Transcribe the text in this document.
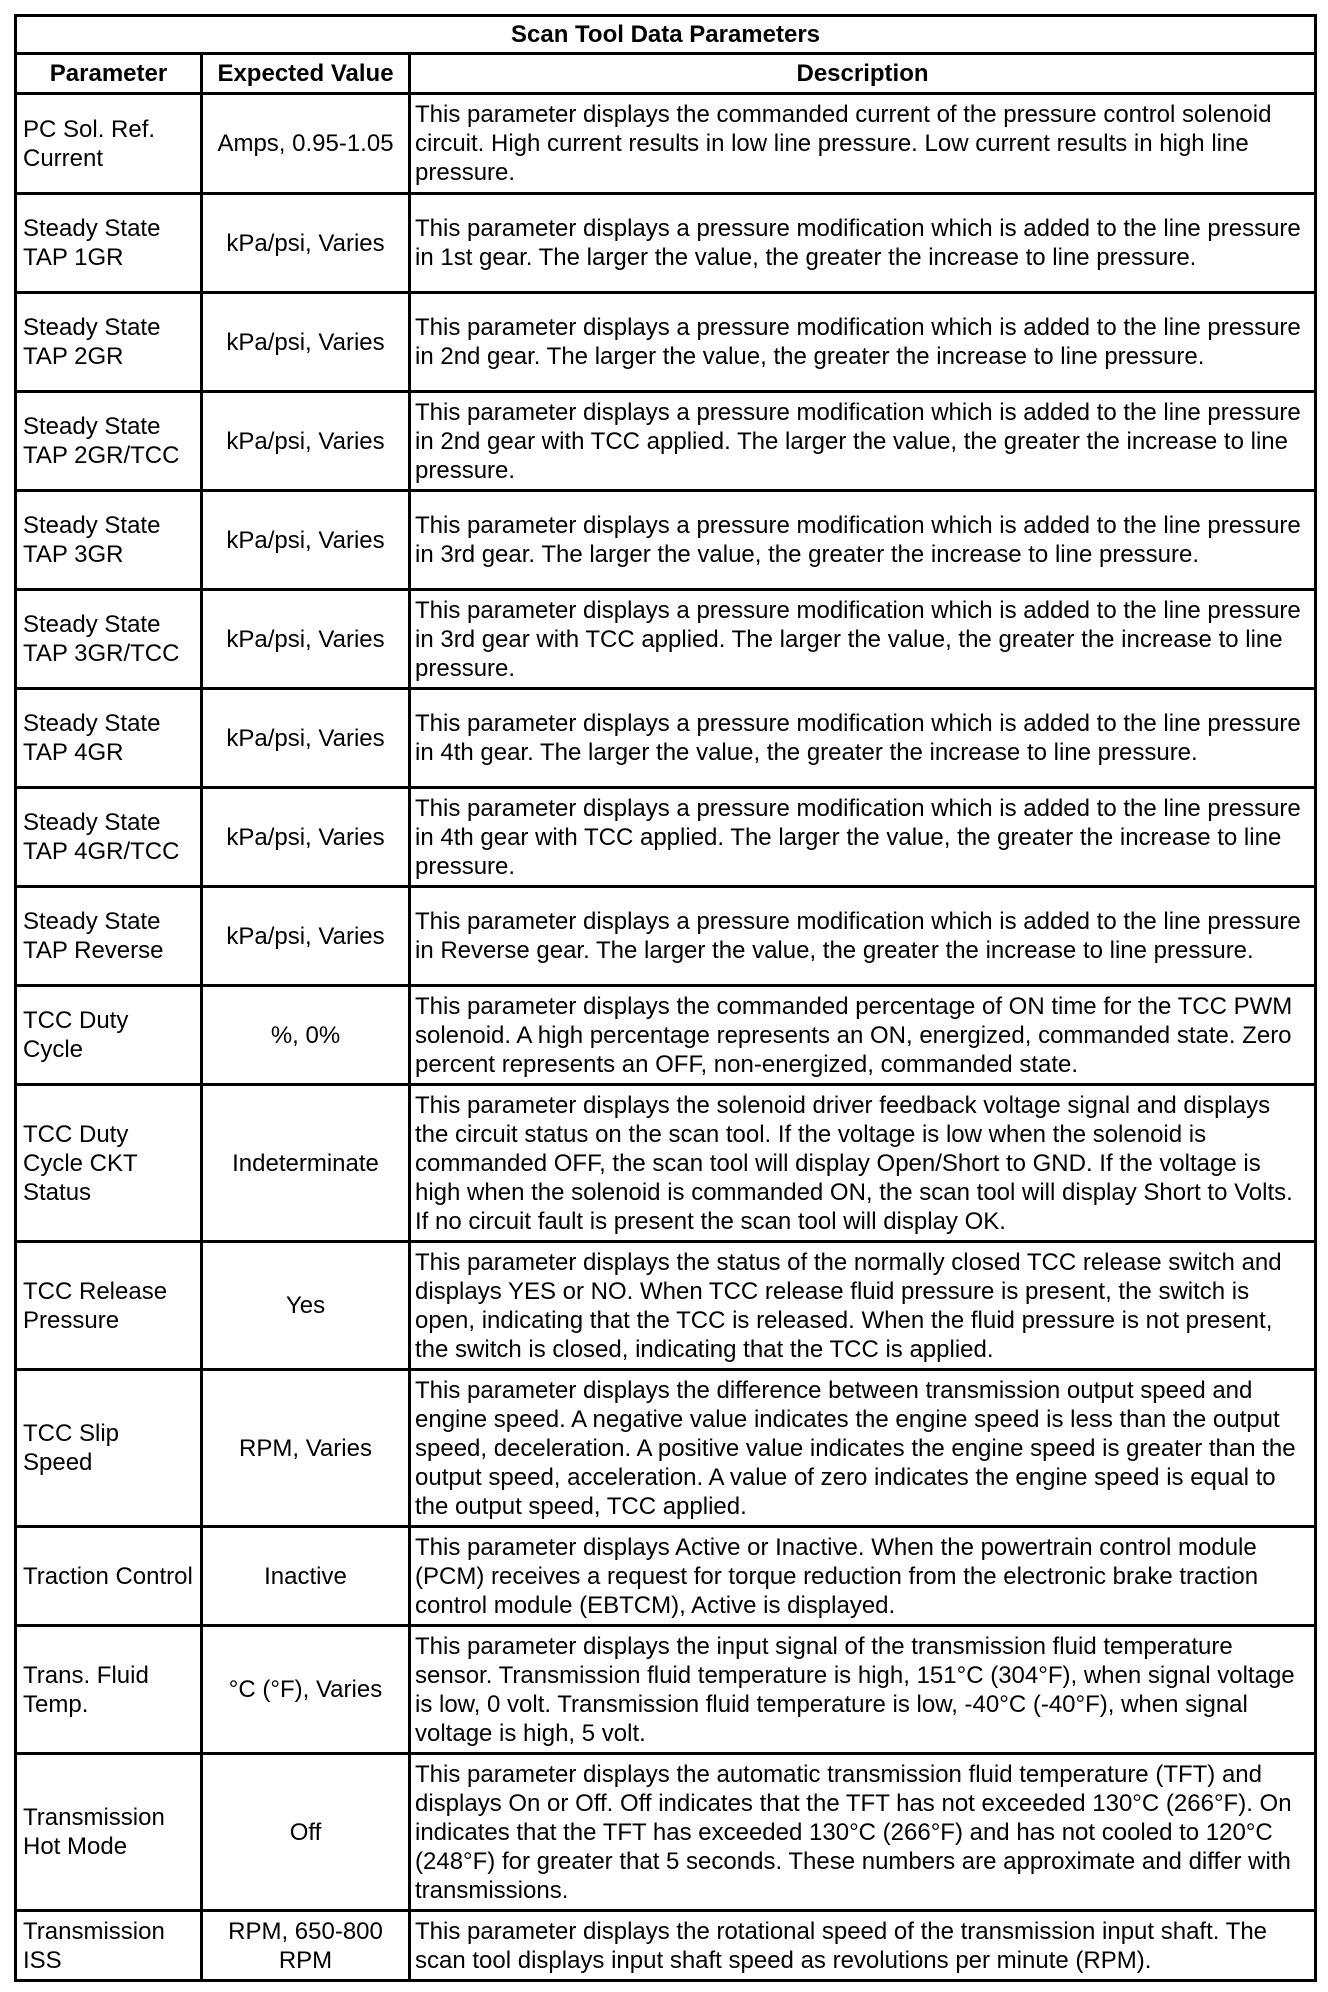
Scan Tool Data Parameters		
Parameter	Expected Value	Description
PC Sol. Ref. Current	Amps, 0.95-1.05	This parameter displays the commanded current of the pressure control solenoid circuit. High current results in low line pressure. Low current results in high line pressure.
Steady State TAP 1GR	kPa/psi, Varies	This parameter displays a pressure modification which is added to the line pressure in 1st gear. The larger the value, the greater the increase to line pressure.
Steady State TAP 2GR	kPa/psi, Varies	This parameter displays a pressure modification which is added to the line pressure in 2nd gear. The larger the value, the greater the increase to line pressure.
Steady State TAP 2GR/TCC	kPa/psi, Varies	This parameter displays a pressure modification which is added to the line pressure in 2nd gear with TCC applied. The larger the value, the greater the increase to line pressure.
Steady State TAP 3GR	kPa/psi, Varies	This parameter displays a pressure modification which is added to the line pressure in 3rd gear. The larger the value, the greater the increase to line pressure.
Steady State TAP 3GR/TCC	kPa/psi, Varies	This parameter displays a pressure modification which is added to the line pressure in 3rd gear with TCC applied. The larger the value, the greater the increase to line pressure.
Steady State TAP 4GR	kPa/psi, Varies	This parameter displays a pressure modification which is added to the line pressure in 4th gear. The larger the value, the greater the increase to line pressure.
Steady State TAP 4GR/TCC	kPa/psi, Varies	This parameter displays a pressure modification which is added to the line pressure in 4th gear with TCC applied. The larger the value, the greater the increase to line pressure.
Steady State TAP Reverse	kPa/psi, Varies	This parameter displays a pressure modification which is added to the line pressure in Reverse gear. The larger the value, the greater the increase to line pressure.
TCC Duty Cycle	%, 0%	This parameter displays the commanded percentage of ON time for the TCC PWM solenoid. A high percentage represents an ON, energized, commanded state. Zero percent represents an OFF, non-energized, commanded state.
TCC Duty Cycle CKT Status	Indeterminate	This parameter displays the solenoid driver feedback voltage signal and displays the circuit status on the scan tool. If the voltage is low when the solenoid is commanded OFF, the scan tool will display Open/Short to GND. If the voltage is high when the solenoid is commanded ON, the scan tool will display Short to Volts. If no circuit fault is present the scan tool will display OK.
TCC Release Pressure	Yes	This parameter displays the status of the normally closed TCC release switch and displays YES or NO. When TCC release fluid pressure is present, the switch is open, indicating that the TCC is released. When the fluid pressure is not present, the switch is closed, indicating that the TCC is applied.
TCC Slip Speed	RPM, Varies	This parameter displays the difference between transmission output speed and engine speed. A negative value indicates the engine speed is less than the output speed, deceleration. A positive value indicates the engine speed is greater than the output speed, acceleration. A value of zero indicates the engine speed is equal to the output speed, TCC applied.
Traction Control	Inactive	This parameter displays Active or Inactive. When the powertrain control module (PCM) receives a request for torque reduction from the electronic brake traction control module (EBTCM), Active is displayed.
Trans. Fluid Temp.	°C (°F), Varies	This parameter displays the input signal of the transmission fluid temperature sensor. Transmission fluid temperature is high, 151°C (304°F), when signal voltage is low, 0 volt. Transmission fluid temperature is low, -40°C (-40°F), when signal voltage is high, 5 volt.
Transmission Hot Mode	Off	This parameter displays the automatic transmission fluid temperature (TFT) and displays On or Off. Off indicates that the TFT has not exceeded 130°C (266°F). On indicates that the TFT has exceeded 130°C (266°F) and has not cooled to 120°C (248°F) for greater that 5 seconds. These numbers are approximate and differ with transmissions.
Transmission ISS	RPM, 650-800 RPM	This parameter displays the rotational speed of the transmission input shaft. The scan tool displays input shaft speed as revolutions per minute (RPM).
